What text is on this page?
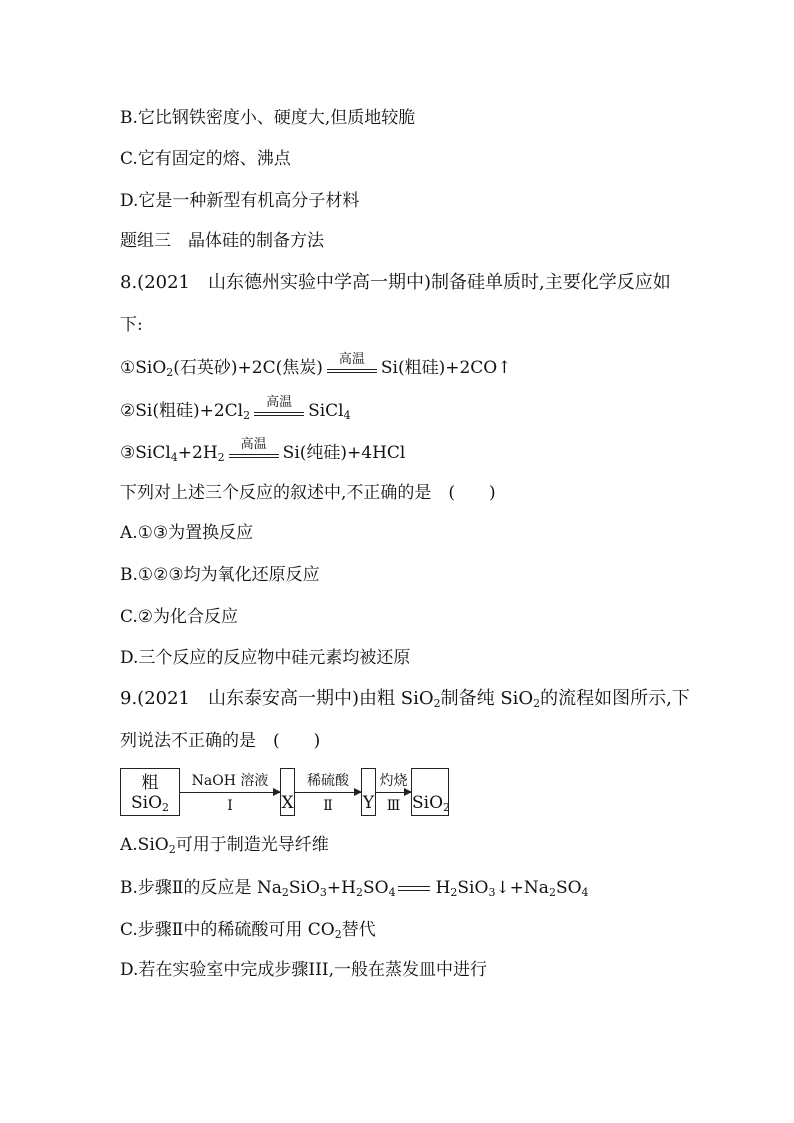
B.它比钢铁密度小、硬度大,但质地较脆
C.它有固定的熔、沸点
D.它是一种新型有机高分子材料
题组三　晶体硅的制备方法
8.(2021　山东德州实验中学高一期中)制备硅单质时,主要化学反应如
下:
①SiO$_2$(石英砂)+2C(焦炭)	高温 Si(粗硅)+2CO↑
②Si(粗硅)$+2Cl_2$
高温 SiCl$_4$
$③SiCl_4+2H_2$
高温 Si(纯硅)+4HCl
下列对上述三个反应的叙述中,不正确的是　(　　)
A.①③为置换反应
B.①②③均为氧化还原反应
C.②为化合反应
D.三个反应的反应物中硅元素均被还原
9.(2021　山东泰安高一期中)由粗 SiO$_2$制备纯 SiO$_2$的流程如图所示,下
列说法不正确的是　(　　)
粗 SiO$_2$
NaOH 溶液
Ⅰ	X
稀硫酸
Ⅱ	Y
灼烧
Ⅲ SiO$_2$
A.SiO$_2$可用于制造光导纤维
B.步骤Ⅱ的反应是 $Na_2SiO_3+H_2SO_4$ $H_2SiO_3↓+Na_2SO_4$
C.步骤Ⅱ中的稀硫酸可用 $CO_2$替代
D.若在实验室中完成步骤III,一般在蒸发皿中进行
